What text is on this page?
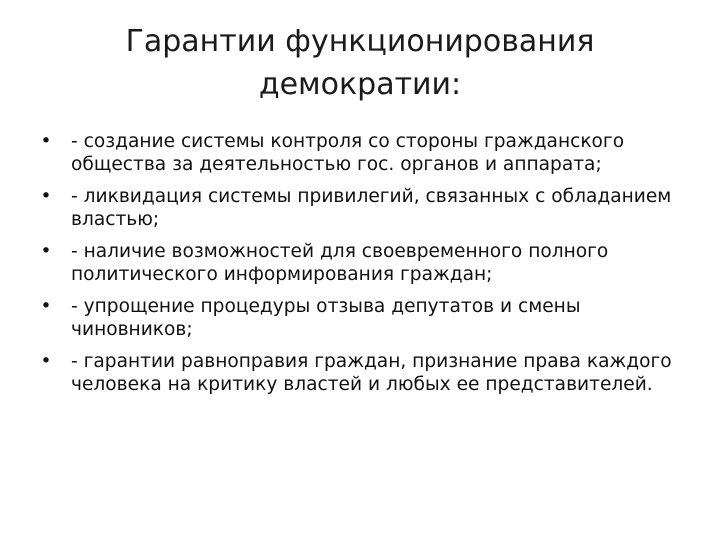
Гарантии функционирования
демократии:
• - создание системы контроля со стороны гражданского общества за деятельностью гос. органов и аппарата;
• - ликвидация системы привилегий, связанных с обладанием властью;
• - наличие возможностей для своевременного полного политического информирования граждан;
• - упрощение процедуры отзыва депутатов и смены чиновников;
• - гарантии равноправия граждан, признание права каждого человека на критику властей и любых ее представителей.
